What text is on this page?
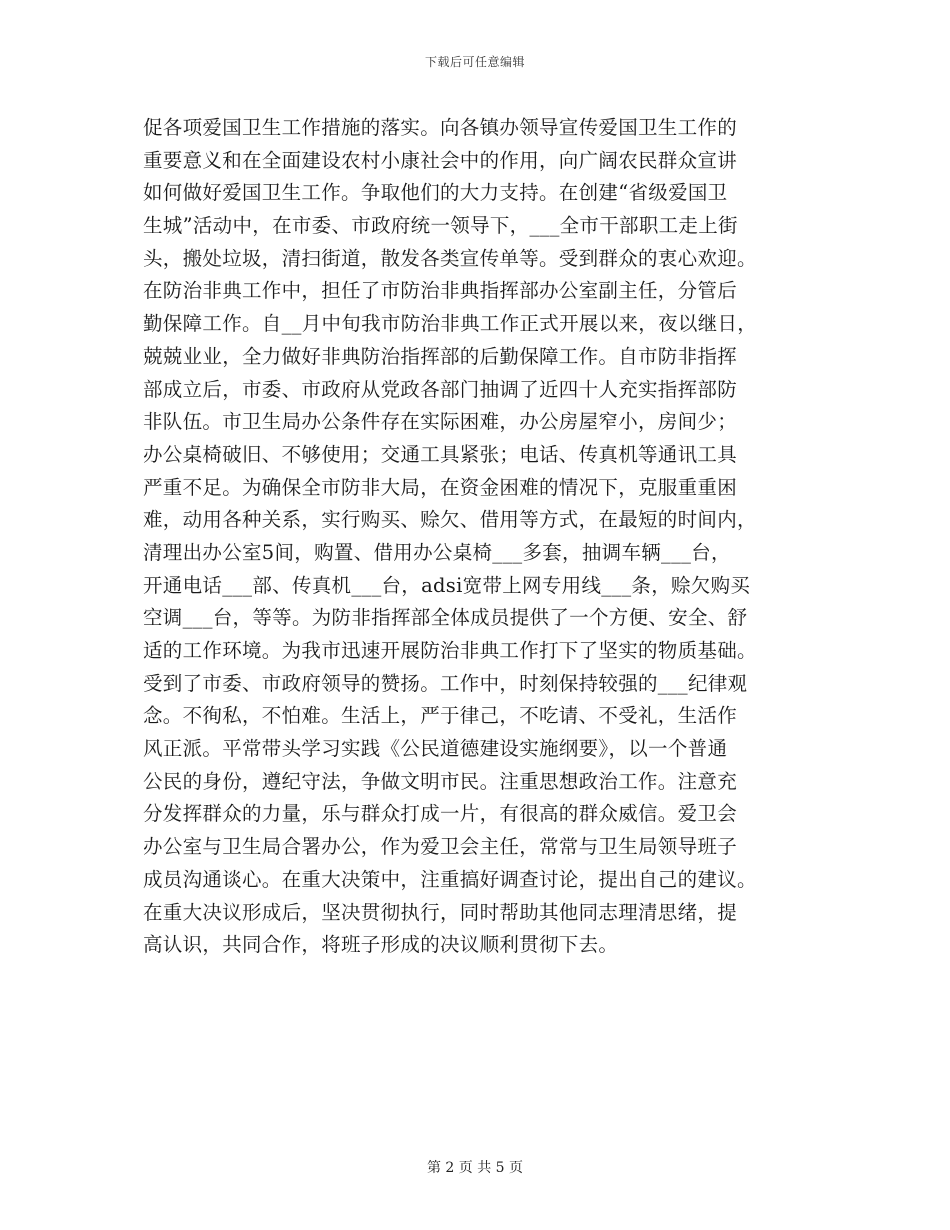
下载后可任意编辑
促各项爱国卫生工作措施的落实。向各镇办领导宣传爱国卫生工作的
重要意义和在全面建设农村小康社会中的作用，向广阔农民群众宣讲
如何做好爱国卫生工作。争取他们的大力支持。在创建“省级爱国卫
生城”活动中，在市委、市政府统一领导下，___全市干部职工走上街
头，搬处垃圾，清扫街道，散发各类宣传单等。受到群众的衷心欢迎。
在防治非典工作中，担任了市防治非典指挥部办公室副主任，分管后
勤保障工作。自__月中旬我市防治非典工作正式开展以来，夜以继日，
兢兢业业，全力做好非典防治指挥部的后勤保障工作。自市防非指挥
部成立后，市委、市政府从党政各部门抽调了近四十人充实指挥部防
非队伍。市卫生局办公条件存在实际困难，办公房屋窄小，房间少；
办公桌椅破旧、不够使用；交通工具紧张；电话、传真机等通讯工具
严重不足。为确保全市防非大局，在资金困难的情况下，克服重重困
难，动用各种关系，实行购买、赊欠、借用等方式，在最短的时间内，
清理出办公室5间，购置、借用办公桌椅___多套，抽调车辆___台，
开通电话___部、传真机___台，adsi宽带上网专用线___条，赊欠购买
空调___台，等等。为防非指挥部全体成员提供了一个方便、安全、舒
适的工作环境。为我市迅速开展防治非典工作打下了坚实的物质基础。
受到了市委、市政府领导的赞扬。工作中，时刻保持较强的___纪律观
念。不徇私，不怕难。生活上，严于律己，不吃请、不受礼，生活作
风正派。平常带头学习实践《公民道德建设实施纲要》，以一个普通
公民的身份，遵纪守法，争做文明市民。注重思想政治工作。注意充
分发挥群众的力量，乐与群众打成一片，有很高的群众威信。爱卫会
办公室与卫生局合署办公，作为爱卫会主任，常常与卫生局领导班子
成员沟通谈心。在重大决策中，注重搞好调查讨论，提出自己的建议。
在重大决议形成后，坚决贯彻执行，同时帮助其他同志理清思绪，提
高认识，共同合作，将班子形成的决议顺利贯彻下去。
第 2 页 共 5 页
